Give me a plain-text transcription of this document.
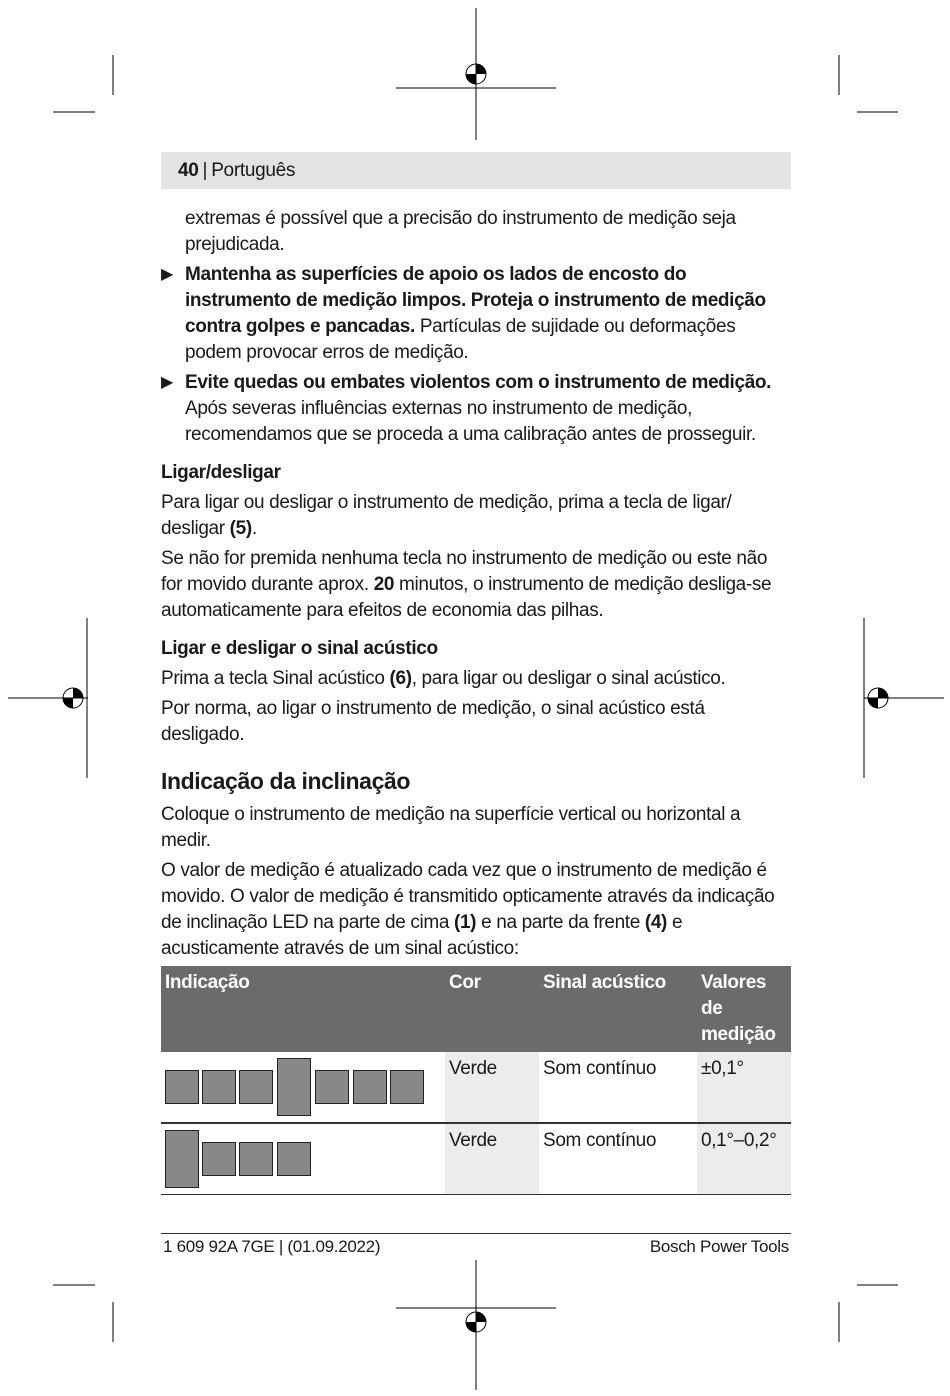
40 | Português

extremas é possível que a precisão do instrumento de medição seja prejudicada.

▶ Mantenha as superfícies de apoio os lados de encosto do instrumento de medição limpos. Proteja o instrumento de medição contra golpes e pancadas. Partículas de sujidade ou deformações podem provocar erros de medição.

▶ Evite quedas ou embates violentos com o instrumento de medição. Após severas influências externas no instrumento de medição, recomendamos que se proceda a uma calibração antes de prosseguir.

Ligar/desligar

Para ligar ou desligar o instrumento de medição, prima a tecla de ligar/ desligar (5).

Se não for premida nenhuma tecla no instrumento de medição ou este não for movido durante aprox. 20 minutos, o instrumento de medição desliga-se automaticamente para efeitos de economia das pilhas.

Ligar e desligar o sinal acústico

Prima a tecla Sinal acústico (6), para ligar ou desligar o sinal acústico.

Por norma, ao ligar o instrumento de medição, o sinal acústico está desligado.

Indicação da inclinação

Coloque o instrumento de medição na superfície vertical ou horizontal a medir.

O valor de medição é atualizado cada vez que o instrumento de medição é movido. O valor de medição é transmitido opticamente através da indicação de inclinação LED na parte de cima (1) e na parte da frente (4) e acusticamente através de um sinal acústico:

Indicação	Cor	Sinal acústico	Valores de medição

	Verde	Som contínuo	±0,1°

	Verde	Som contínuo	0,1°–0,2°
1 609 92A 7GE | (01.09.2022)	Bosch Power Tools
